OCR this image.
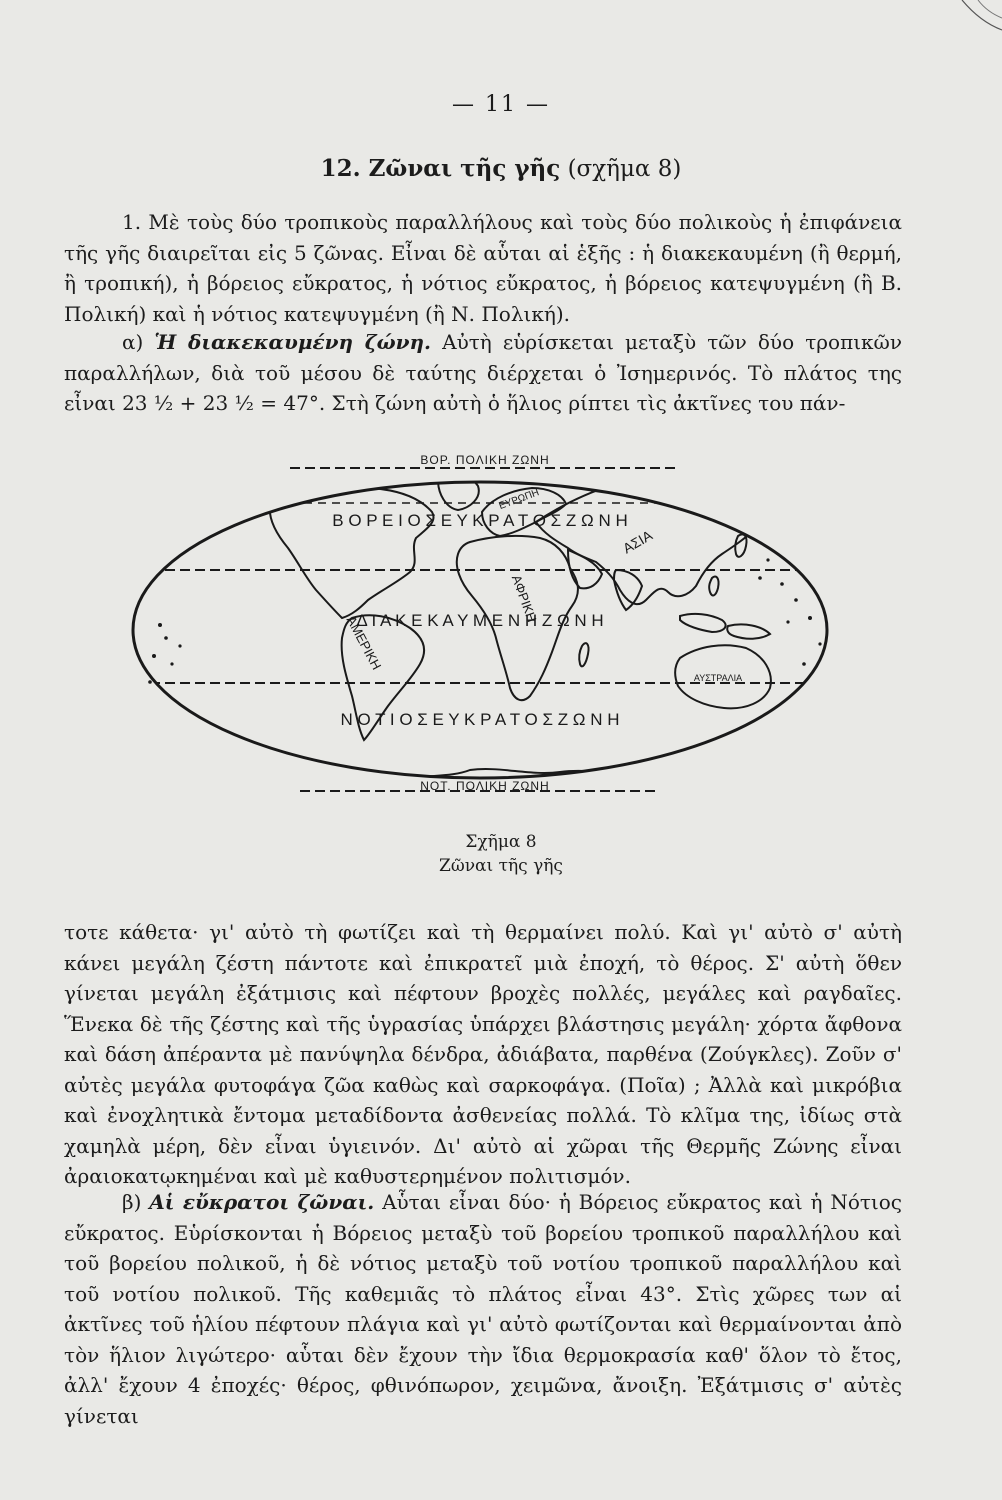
— 11 —
12. Ζῶναι τῆς γῆς (σχῆμα 8)

1. Μὲ τοὺς δύο τροπικοὺς παραλλήλους καὶ τοὺς δύο πολικοὺς ἡ ἐπιφάνεια τῆς γῆς διαιρεῖται εἰς 5 ζῶνας. Εἶναι δὲ αὗται αἱ ἑξῆς : ἡ διακεκαυμένη (ἢ θερμή, ἢ τροπική), ἡ βόρειος εὔκρατος, ἡ νότιος εὔκρατος, ἡ βόρειος κατεψυγμένη (ἢ Β. Πολική) καὶ ἡ νότιος κατεψυγμένη (ἢ Ν. Πολική).

α) Ἡ διακεκαυμένη ζώνη. Αὐτὴ εὑρίσκεται μεταξὺ τῶν δύο τροπικῶν παραλλήλων, διὰ τοῦ μέσου δὲ ταύτης διέρχεται ὁ Ἰσημερινός. Τὸ πλάτος της εἶναι 23 ½ + 23 ½ = 47°. Στὴ ζώνη αὐτὴ ὁ ἥλιος ρίπτει τὶς ἀκτῖνες του πάν-

ΒΟΡ. ΠΟΛΙΚΗ ΖΩΝΗ
Β Ο Ρ Ε Ι Ο Σ Ε Υ Κ Ρ Α Τ Ο Σ Ζ Ω Ν Η
Δ Ι Α Κ Ε Κ Α Υ Μ Ε Ν Η Ζ Ω Ν Η
Ν Ο Τ Ι Ο Σ Ε Υ Κ Ρ Α Τ Ο Σ Ζ Ω Ν Η
ΝΟΤ. ΠΟΛΙΚΗ ΖΩΝΗ
ΕΥΡΩΠΗ
ΑΣΙΑ
ΑΦΡΙΚΗ
ΑΜΕΡΙΚΗ
ΑΥΣΤΡΑΛΙΑ
Σχῆμα 8
Ζῶναι τῆς γῆς

τοτε κάθετα· γι' αὐτὸ τὴ φωτίζει καὶ τὴ θερμαίνει πολύ. Καὶ γι' αὐτὸ σ' αὐτὴ κάνει μεγάλη ζέστη πάντοτε καὶ ἐπικρατεῖ μιὰ ἐποχή, τὸ θέρος. Σ' αὐτὴ ὅθεν γίνεται μεγάλη ἐξάτμισις καὶ πέφτουν βροχὲς πολλές, μεγάλες καὶ ραγδαῖες. Ἕνεκα δὲ τῆς ζέστης καὶ τῆς ὑγρασίας ὑπάρχει βλάστησις μεγάλη· χόρτα ἄφθονα καὶ δάση ἀπέραντα μὲ πανύψηλα δένδρα, ἀδιάβατα, παρθένα (Ζούγκλες). Ζοῦν σ' αὐτὲς μεγάλα φυτοφάγα ζῶα καθὼς καὶ σαρκοφάγα. (Ποῖα) ; Ἀλλὰ καὶ μικρόβια καὶ ἐνοχλητικὰ ἔντομα μεταδίδοντα ἀσθενείας πολλά. Τὸ κλῖμα της, ἰδίως στὰ χαμηλὰ μέρη, δὲν εἶναι ὑγιεινόν. Δι' αὐτὸ αἱ χῶραι τῆς Θερμῆς Ζώνης εἶναι ἀραιοκατῳκημέναι καὶ μὲ καθυστερημένον πολιτισμόν.

β) Αἱ εὔκρατοι ζῶναι. Αὗται εἶναι δύο· ἡ Βόρειος εὔκρατος καὶ ἡ Νότιος εὔκρατος. Εὑρίσκονται ἡ Βόρειος μεταξὺ τοῦ βορείου τροπικοῦ παραλλήλου καὶ τοῦ βορείου πολικοῦ, ἡ δὲ νότιος μεταξὺ τοῦ νοτίου τροπικοῦ παραλλήλου καὶ τοῦ νοτίου πολικοῦ. Τῆς καθεμιᾶς τὸ πλάτος εἶναι 43°. Στὶς χῶρες των αἱ ἀκτῖνες τοῦ ἡλίου πέφτουν πλάγια καὶ γι' αὐτὸ φωτίζονται καὶ θερμαίνονται ἀπὸ τὸν ἥλιον λιγώτερο· αὗται δὲν ἔχουν τὴν ἴδια θερμοκρασία καθ' ὅλον τὸ ἔτος, ἀλλ' ἔχουν 4 ἐποχές· θέρος, φθινόπωρον, χειμῶνα, ἄνοιξη. Ἐξάτμισις σ' αὐτὲς γίνεται
